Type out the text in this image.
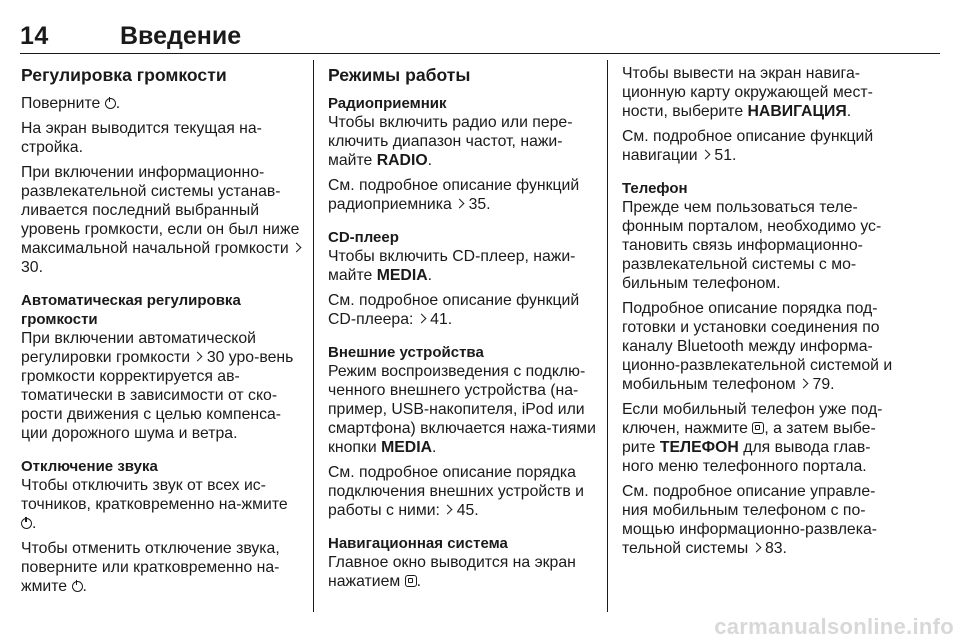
14	Введение
Регулировка громкости

Поверните .

На экран выводится текущая на-стройка.

При включении информационно-развлекательной системы устанав-ливается последний выбранный уровень громкости, если он был ниже максимальной начальной громкости  30.

Автоматическая регулировка громкости

При включении автоматической регулировки громкости 30 уро-вень громкости корректируется ав-томатически в зависимости от ско-рости движения с целью компенса-ции дорожного шума и ветра.

Отключение звука

Чтобы отключить звук от всех ис-точников, кратковременно на-жмите .

Чтобы отменить отключение звука, поверните или кратковременно на-жмите .

Режимы работы
Радиоприемник

Чтобы включить радио или пере-ключить диапазон частот, нажи-майте RADIO.

См. подробное описание функций радиоприемника 35.

CD-плеер

Чтобы включить CD-плеер, нажи-майте MEDIA.

См. подробное описание функций CD-плеера: 41.

Внешние устройства

Режим воспроизведения с подклю-ченного внешнего устройства (на-пример, USB-накопителя, iPod или смартфона) включается нажа-тиями кнопки MEDIA.

См. подробное описание порядка подключения внешних устройств и работы с ними: 45.

Навигационная система

Главное окно выводится на экран нажатием .

Чтобы вывести на экран навига-ционную карту окружающей мест-ности, выберите НАВИГАЦИЯ.

См. подробное описание функций навигации 51.

Телефон

Прежде чем пользоваться теле-фонным порталом, необходимо ус-тановить связь информационно-развлекательной системы с мо-бильным телефоном.

Подробное описание порядка под-готовки и установки соединения по каналу Bluetooth между информа-ционно-развлекательной системой и мобильным телефоном 79.

Если мобильный телефон уже под-ключен, нажмите , а затем выбе-рите ТЕЛЕФОН для вывода глав-ного меню телефонного портала.

См. подробное описание управле-ния мобильным телефоном с по-мощью информационно-развлека-тельной системы 83.

carmanualsonline.info
